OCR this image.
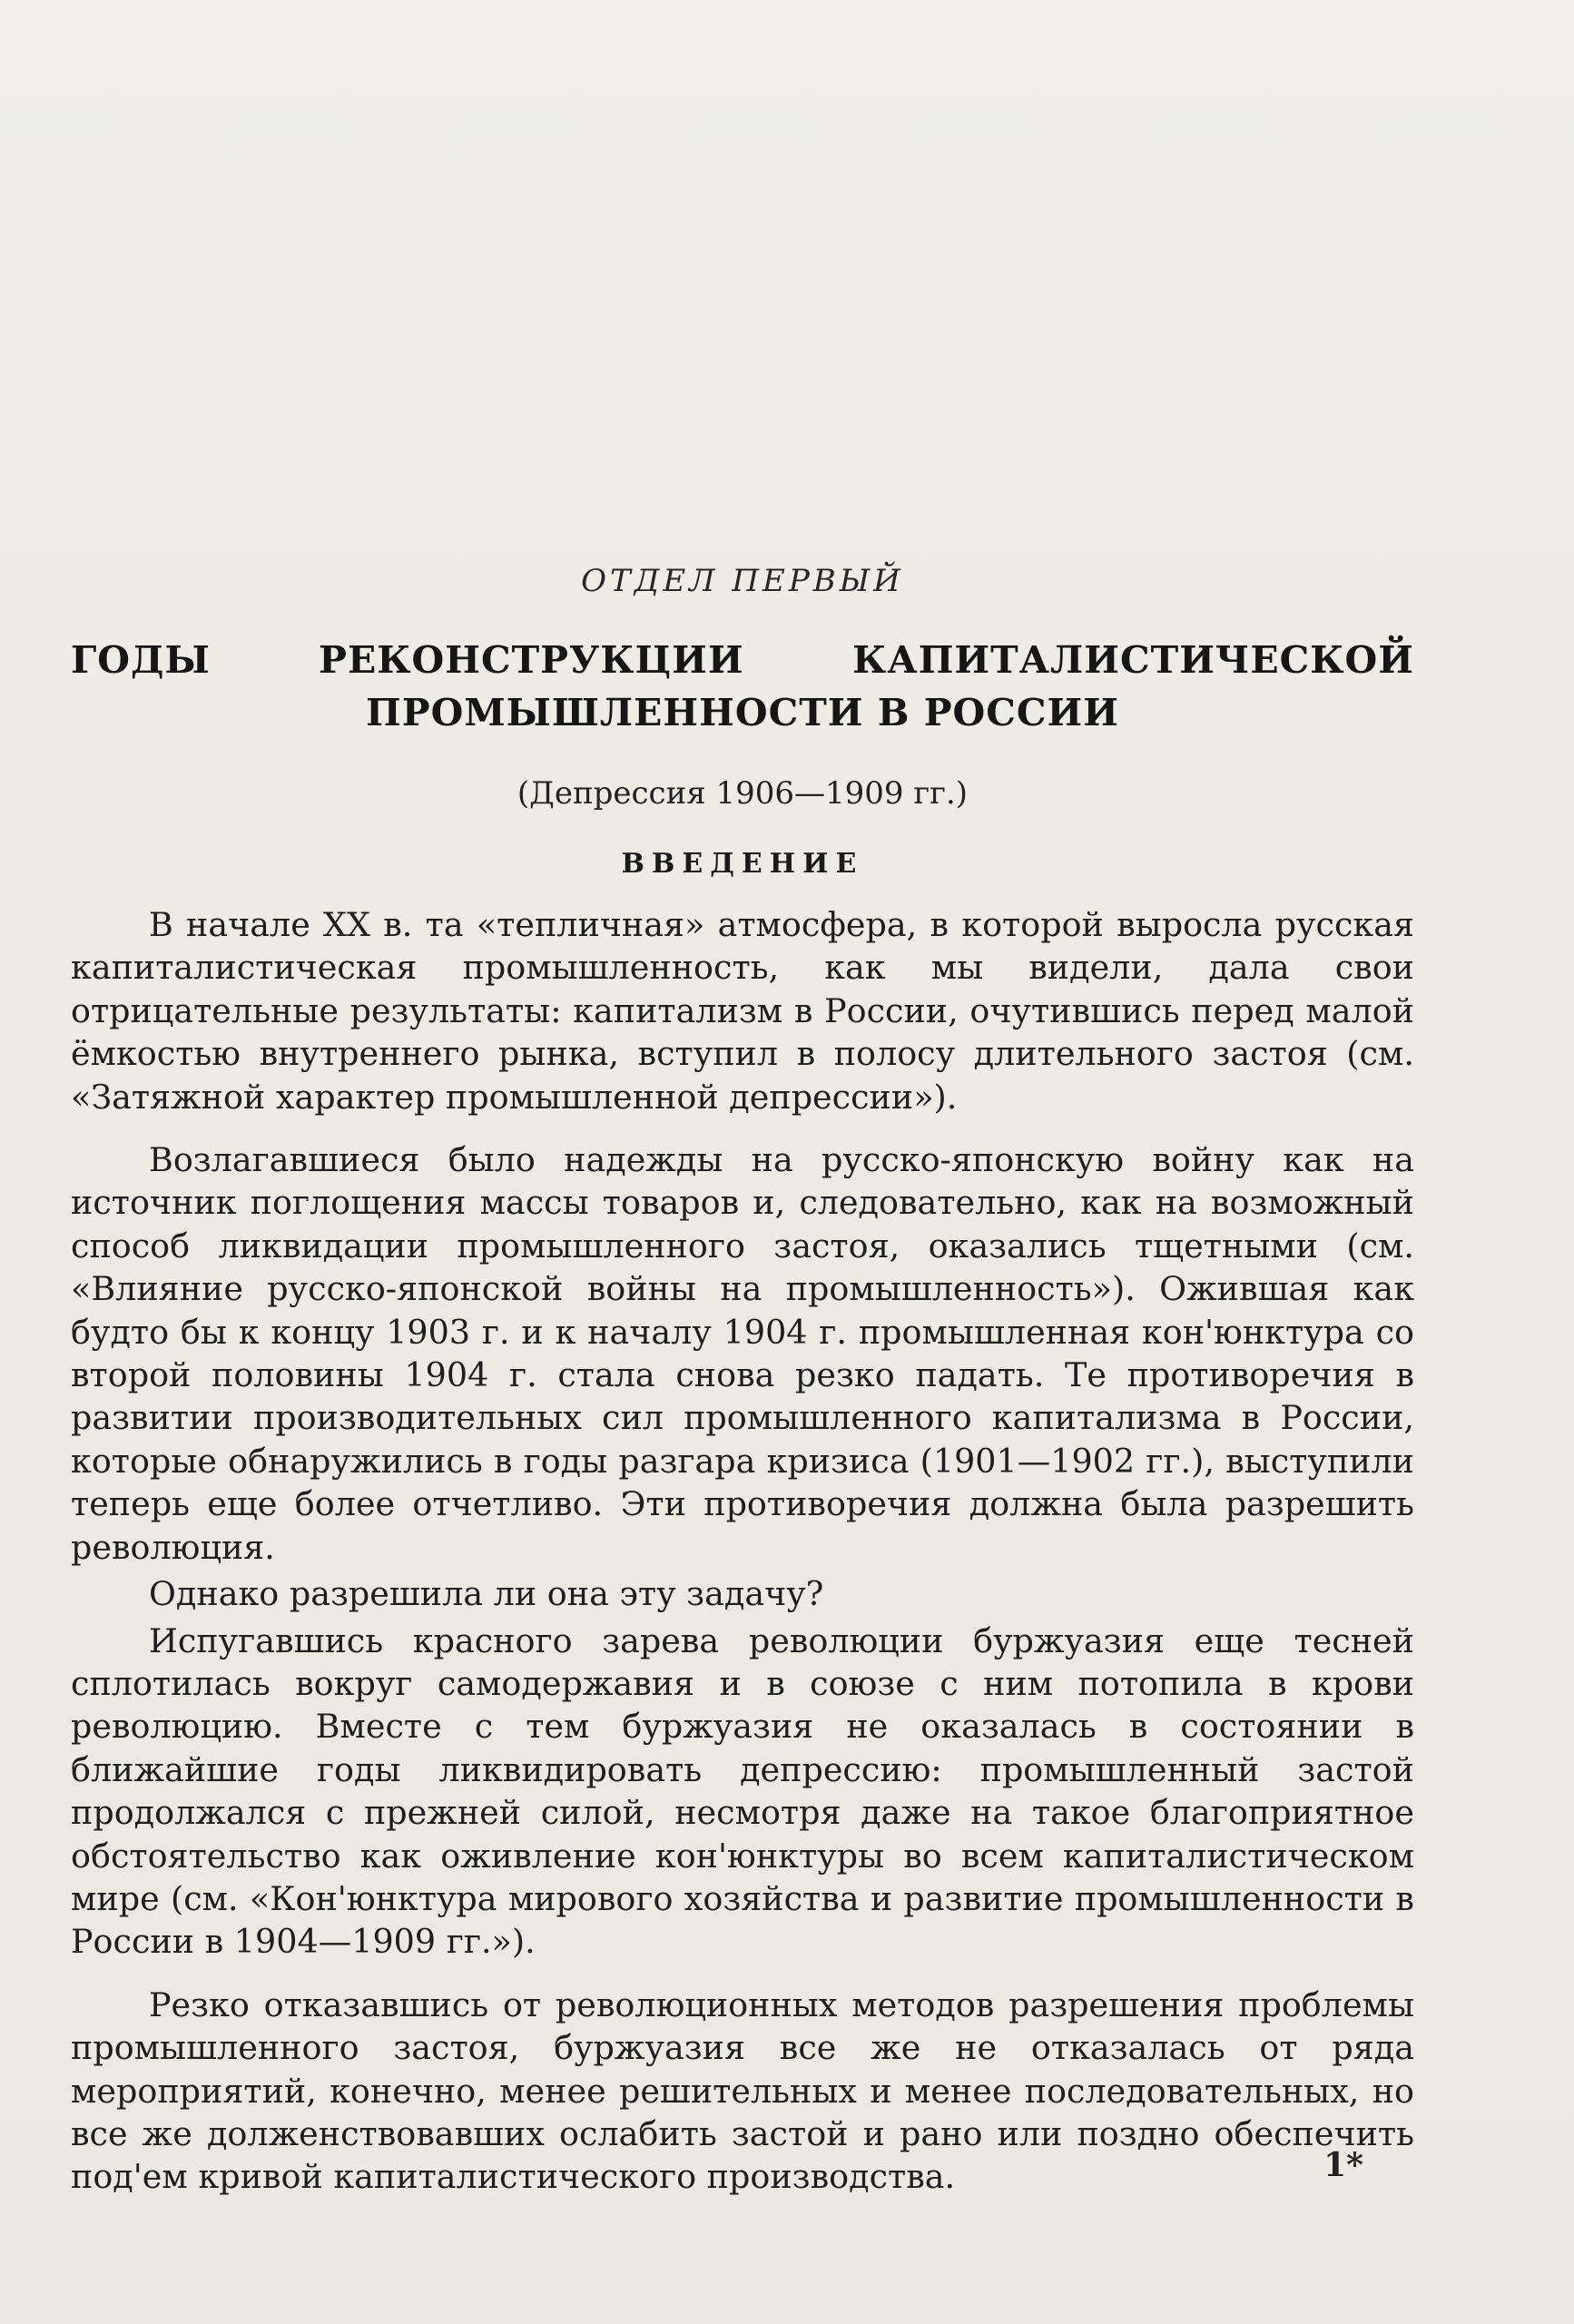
ОТДЕЛ ПЕРВЫЙ
ГОДЫ РЕКОНСТРУКЦИИ КАПИТАЛИСТИЧЕСКОЙ ПРОМЫШЛЕННОСТИ В РОССИИ
(Депрессия 1906—1909 гг.)
ВВЕДЕНИЕ

В начале XX в. та «тепличная» атмосфера, в которой выросла русская капиталистическая промышленность, как мы видели, дала свои отрицательные результаты: капитализм в России, очутившись перед малой ёмкостью внутреннего рынка, вступил в полосу длительного застоя (см. «Затяжной характер промышленной депрессии»).

Возлагавшиеся было надежды на русско-японскую войну как на источник поглощения массы товаров и, следовательно, как на возможный способ ликвидации промышленного застоя, оказались тщетными (см. «Влияние русско-японской войны на промышленность»). Ожившая как будто бы к концу 1903 г. и к началу 1904 г. промышленная кон'юнктура со второй половины 1904 г. стала снова резко падать. Те противоречия в развитии производительных сил промышленного капитализма в России, которые обнаружились в годы разгара кризиса (1901—1902 гг.), выступили теперь еще более отчетливо. Эти противоречия должна была разрешить революция.

Однако разрешила ли она эту задачу?

Испугавшись красного зарева революции буржуазия еще тесней сплотилась вокруг самодержавия и в союзе с ним потопила в крови революцию. Вместе с тем буржуазия не оказалась в состоянии в ближайшие годы ликвидировать депрессию: промышленный застой продолжался с прежней силой, несмотря даже на такое благоприятное обстоятельство как оживление кон'юнктуры во всем капиталистическом мире (см. «Кон'юнктура мирового хозяйства и развитие промышленности в России в 1904—1909 гг.»).

Резко отказавшись от революционных методов разрешения проблемы промышленного застоя, буржуазия все же не отказалась от ряда мероприятий, конечно, менее решительных и менее последовательных, но все же долженствовавших ослабить застой и рано или поздно обеспечить под'ем кривой капиталистического производства.	1*
